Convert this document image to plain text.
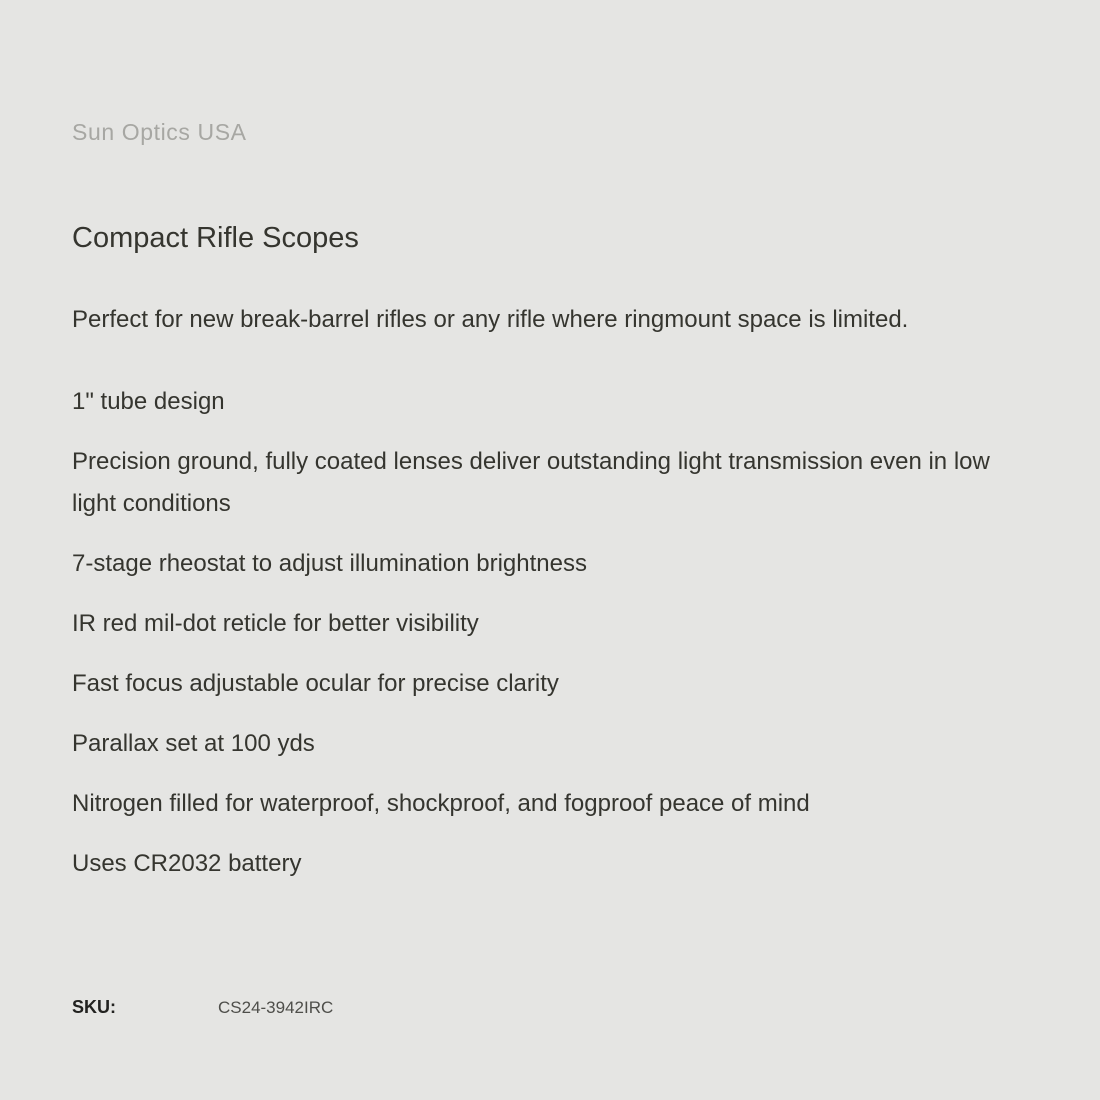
Sun Optics USA
Compact Rifle Scopes

Perfect for new break-barrel rifles or any rifle where ringmount space is limited.

1" tube design

Precision ground, fully coated lenses deliver outstanding light transmission even in low light conditions

7-stage rheostat to adjust illumination brightness

IR red mil-dot reticle for better visibility

Fast focus adjustable ocular for precise clarity

Parallax set at 100 yds

Nitrogen filled for waterproof, shockproof, and fogproof peace of mind

Uses CR2032 battery

SKU:	CS24-3942IRC
